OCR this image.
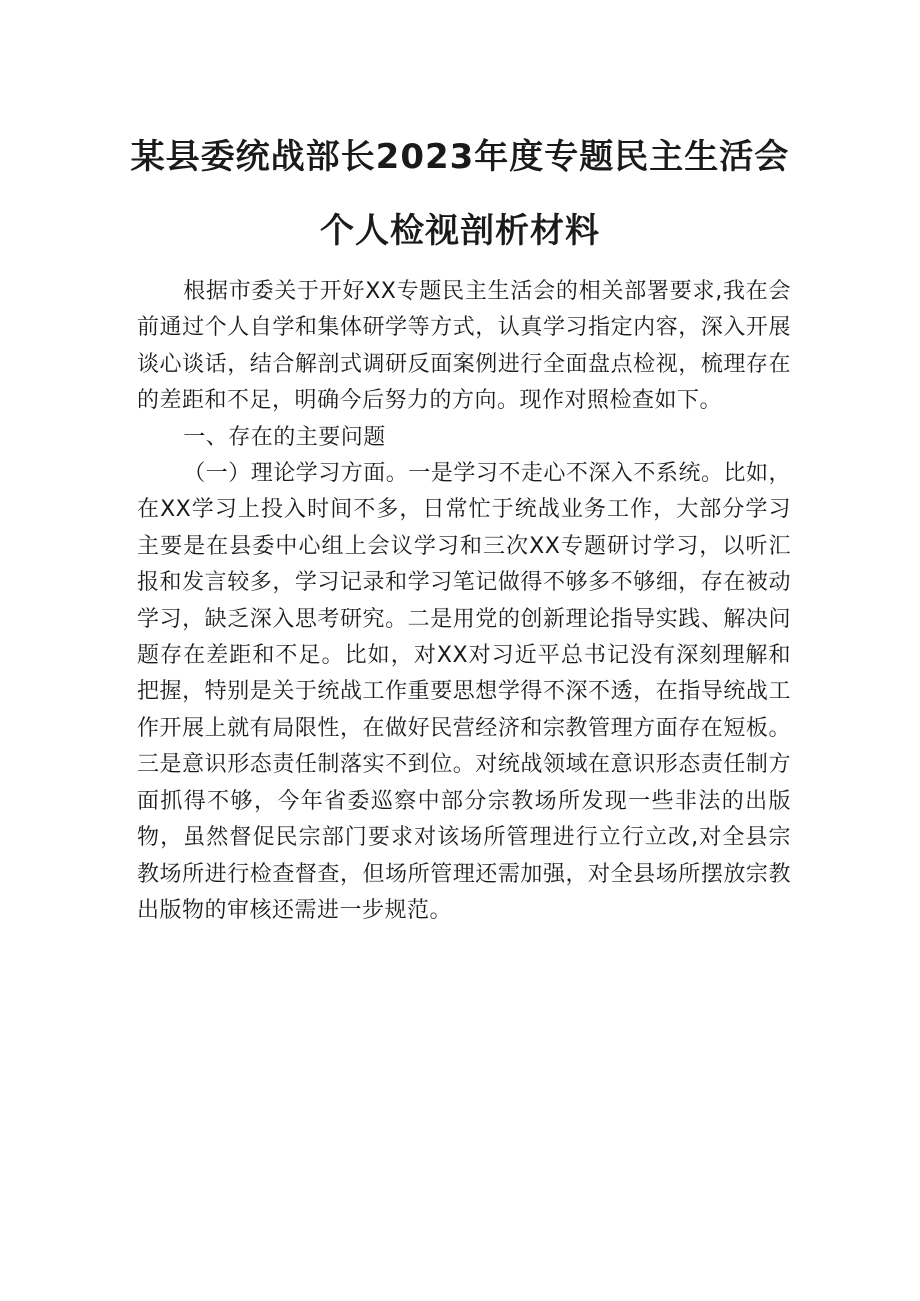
某县委统战部长2023年度专题民主生活会
个人检视剖析材料

根据市委关于开好XX专题民主生活会的相关部署要求,我在会前通过个人自学和集体研学等方式，认真学习指定内容，深入开展谈心谈话，结合解剖式调研反面案例进行全面盘点检视，梳理存在的差距和不足，明确今后努力的方向。现作对照检查如下。

一、存在的主要问题

（一）理论学习方面。一是学习不走心不深入不系统。比如，在XX学习上投入时间不多，日常忙于统战业务工作，大部分学习主要是在县委中心组上会议学习和三次XX专题研讨学习，以听汇报和发言较多，学习记录和学习笔记做得不够多不够细，存在被动学习，缺乏深入思考研究。二是用党的创新理论指导实践、解决问题存在差距和不足。比如，对XX对习近平总书记没有深刻理解和把握，特别是关于统战工作重要思想学得不深不透，在指导统战工作开展上就有局限性，在做好民营经济和宗教管理方面存在短板。三是意识形态责任制落实不到位。对统战领域在意识形态责任制方面抓得不够，今年省委巡察中部分宗教场所发现一些非法的出版物，虽然督促民宗部门要求对该场所管理进行立行立改,对全县宗教场所进行检查督查，但场所管理还需加强，对全县场所摆放宗教出版物的审核还需进一步规范。
